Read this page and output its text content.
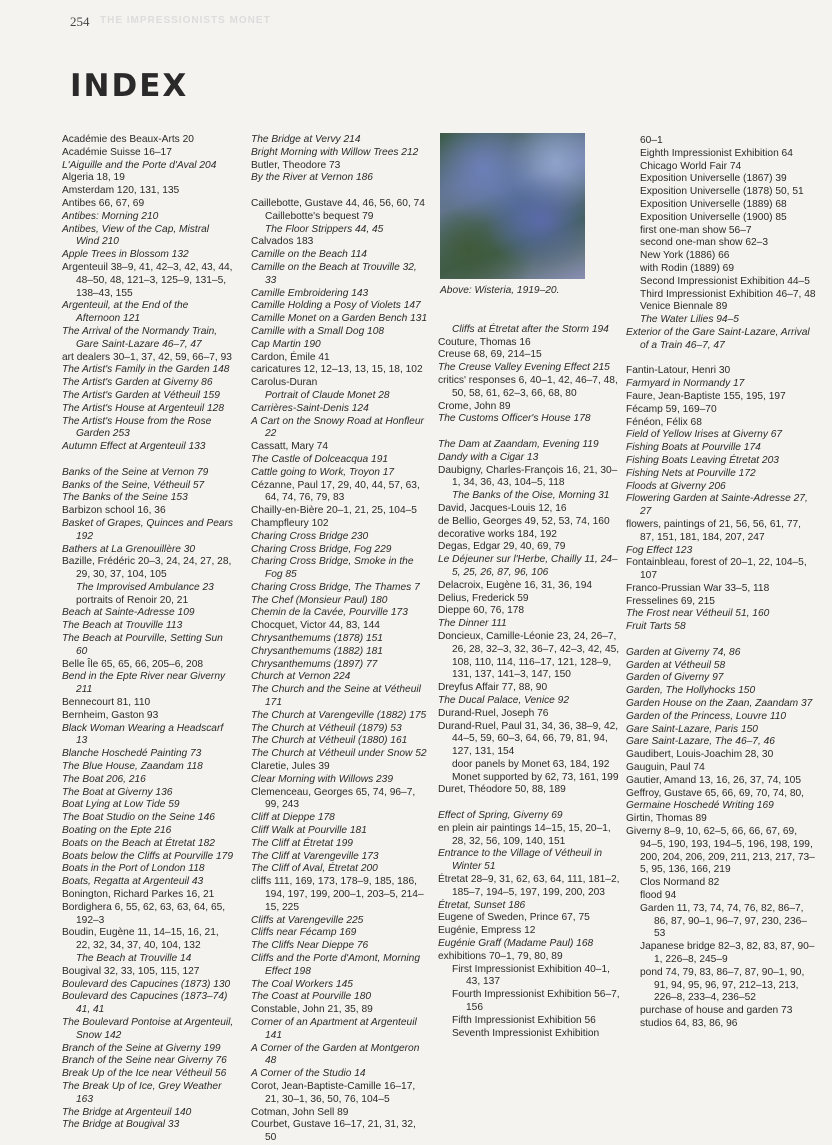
254 THE IMPRESSIONISTS MONET
INDEX
Académie des Beaux-Arts 20
Académie Suisse 16–17
L'Aiguille and the Porte d'Aval 204
Algeria 18, 19
Amsterdam 120, 131, 135
Antibes 66, 67, 69
Antibes: Morning 210
Antibes, View of the Cap, Mistral Wind 210
Apple Trees in Blossom 132
Argenteuil 38–9, 41, 42–3, 42, 43, 44, 48–50, 48, 121–3, 125–9, 131–5, 138–43, 155
Argenteuil, at the End of the Afternoon 121
The Arrival of the Normandy Train, Gare Saint-Lazare 46–7, 47
art dealers 30–1, 37, 42, 59, 66–7, 93
The Artist's Family in the Garden 148
The Artist's Garden at Giverny 86
The Artist's Garden at Vétheuil 159
The Artist's House at Argenteuil 128
The Artist's House from the Rose Garden 253
Autumn Effect at Argenteuil 133
Banks of the Seine at Vernon 79
Banks of the Seine, Vétheuil 57
The Banks of the Seine 153
Barbizon school 16, 36
Basket of Grapes, Quinces and Pears 192
Bathers at La Grenouillère 30
Bazille, Frédéric 20–3, 24, 24, 27, 28, 29, 30, 37, 104, 105
The Improvised Ambulance 23
portraits of Renoir 20, 21
Beach at Sainte-Adresse 109
The Beach at Trouville 113
The Beach at Pourville, Setting Sun 60
Belle Île 65, 65, 66, 205–6, 208
Bend in the Epte River near Giverny 211
Bennecourt 81, 110
Bernheim, Gaston 93
Black Woman Wearing a Headscarf 13
Blanche Hoschedé Painting 73
The Blue House, Zaandam 118
The Boat 206, 216
The Boat at Giverny 136
Boat Lying at Low Tide 59
The Boat Studio on the Seine 146
Boating on the Epte 216
Boats on the Beach at Étretat 182
Boats below the Cliffs at Pourville 179
Boats in the Port of London 118
Boats, Regatta at Argenteuil 43
Bonington, Richard Parkes 16, 21
Bordighera 6, 55, 62, 63, 63, 64, 65, 192–3
Boudin, Eugène 11, 14–15, 16, 21, 22, 32, 34, 37, 40, 104, 132
The Beach at Trouville 14
Bougival 32, 33, 105, 115, 127
Boulevard des Capucines (1873) 130
Boulevard des Capucines (1873–74) 41, 41
The Boulevard Pontoise at Argenteuil, Snow 142
Branch of the Seine at Giverny 199
Branch of the Seine near Giverny 76
Break Up of the Ice near Vétheuil 56
The Break Up of Ice, Grey Weather 163
The Bridge at Argenteuil 140
The Bridge at Bougival 33
The Bridge at Vervy 214
Bright Morning with Willow Trees 212
Butler, Theodore 73
By the River at Vernon 186
Caillebotte, Gustave 44, 46, 56, 60, 74
Caillebotte's bequest 79
The Floor Strippers 44, 45
Calvados 183
Camille on the Beach 114
Camille on the Beach at Trouville 32, 33
Camille Embroidering 143
Camille Holding a Posy of Violets 147
Camille Monet on a Garden Bench 131
Camille with a Small Dog 108
Cap Martin 190
Cardon, Émile 41
caricatures 12, 12–13, 13, 15, 18, 102
Carolus-Duran
Portrait of Claude Monet 28
Carrières-Saint-Denis 124
A Cart on the Snowy Road at Honfleur 22
Cassatt, Mary 74
The Castle of Dolceacqua 191
Cattle going to Work, Troyon 17
Cézanne, Paul 17, 29, 40, 44, 57, 63, 64, 74, 76, 79, 83
Chailly-en-Bière 20–1, 21, 25, 104–5
Champfleury 102
Charing Cross Bridge 230
Charing Cross Bridge, Fog 229
Charing Cross Bridge, Smoke in the Fog 85
Charing Cross Bridge, The Thames 7
The Chef (Monsieur Paul) 180
Chemin de la Cavée, Pourville 173
Chocquet, Victor 44, 83, 144
Chrysanthemums (1878) 151
Chrysanthemums (1882) 181
Chrysanthemums (1897) 77
Church at Vernon 224
The Church and the Seine at Vétheuil 171
The Church at Varengeville (1882) 175
The Church at Vétheuil (1879) 53
The Church at Vétheuil (1880) 161
The Church at Vétheuil under Snow 52
Claretie, Jules 39
Clear Morning with Willows 239
Clemenceau, Georges 65, 74, 96–7, 99, 243
Cliff at Dieppe 178
Cliff Walk at Pourville 181
The Cliff at Étretat 199
The Cliff at Varengeville 173
The Cliff of Aval, Étretat 200
cliffs 111, 169, 173, 178–9, 185, 186, 194, 197, 199, 200–1, 203–5, 214–15, 225
Cliffs at Varengeville 225
Cliffs near Fécamp 169
The Cliffs Near Dieppe 76
Cliffs and the Porte d'Amont, Morning Effect 198
The Coal Workers 145
The Coast at Pourville 180
Constable, John 21, 35, 89
Corner of an Apartment at Argenteuil 141
A Corner of the Garden at Montgeron 48
A Corner of the Studio 14
Corot, Jean-Baptiste-Camille 16–17, 21, 30–1, 36, 50, 76, 104–5
Cotman, John Sell 89
Courbet, Gustave 16–17, 21, 31, 32, 50
Above: Wisteria, 1919–20.
Cliffs at Étretat after the Storm 194
Couture, Thomas 16
Creuse 68, 69, 214–15
The Creuse Valley Evening Effect 215
critics' responses 6, 40–1, 42, 46–7, 48, 50, 58, 61, 62–3, 66, 68, 80
Crome, John 89
The Customs Officer's House 178
The Dam at Zaandam, Evening 119
Dandy with a Cigar 13
Daubigny, Charles-François 16, 21, 30–1, 34, 36, 43, 104–5, 118
The Banks of the Oise, Morning 31
David, Jacques-Louis 12, 16
de Bellio, Georges 49, 52, 53, 74, 160
decorative works 184, 192
Degas, Edgar 29, 40, 69, 79
Le Déjeuner sur l'Herbe, Chailly 11, 24–5, 25, 26, 87, 96, 106
Delacroix, Eugène 16, 31, 36, 194
Delius, Frederick 59
Dieppe 60, 76, 178
The Dinner 111
Doncieux, Camille-Léonie 23, 24, 26–7, 26, 28, 32–3, 32, 36–7, 42–3, 42, 45, 108, 110, 114, 116–17, 121, 128–9, 131, 137, 141–3, 147, 150
Dreyfus Affair 77, 88, 90
The Ducal Palace, Venice 92
Durand-Ruel, Joseph 76
Durand-Ruel, Paul 31, 34, 36, 38–9, 42, 44–5, 59, 60–3, 64, 66, 79, 81, 94, 127, 131, 154
door panels by Monet 63, 184, 192
Monet supported by 62, 73, 161, 199
Duret, Théodore 50, 88, 189
Effect of Spring, Giverny 69
en plein air paintings 14–15, 15, 20–1, 28, 32, 56, 109, 140, 151
Entrance to the Village of Vétheuil in Winter 51
Étretat 28–9, 31, 62, 63, 64, 111, 181–2, 185–7, 194–5, 197, 199, 200, 203
Étretat, Sunset 186
Eugene of Sweden, Prince 67, 75
Eugénie, Empress 12
Eugénie Graff (Madame Paul) 168
exhibitions 70–1, 79, 80, 89
First Impressionist Exhibition 40–1, 43, 137
Fourth Impressionist Exhibition 56–7, 156
Fifth Impressionist Exhibition 56
Seventh Impressionist Exhibition
60–1
Eighth Impressionist Exhibition 64
Chicago World Fair 74
Exposition Universelle (1867) 39
Exposition Universelle (1878) 50, 51
Exposition Universelle (1889) 68
Exposition Universelle (1900) 85
first one-man show 56–7
second one-man show 62–3
New York (1886) 66
with Rodin (1889) 69
Second Impressionist Exhibition 44–5
Third Impressionist Exhibition 46–7, 48
Venice Biennale 89
The Water Lilies 94–5
Exterior of the Gare Saint-Lazare, Arrival of a Train 46–7, 47
Fantin-Latour, Henri 30
Farmyard in Normandy 17
Faure, Jean-Baptiste 155, 195, 197
Fécamp 59, 169–70
Fénéon, Félix 68
Field of Yellow Irises at Giverny 67
Fishing Boats at Pourville 174
Fishing Boats Leaving Étretat 203
Fishing Nets at Pourville 172
Floods at Giverny 206
Flowering Garden at Sainte-Adresse 27, 27
flowers, paintings of 21, 56, 56, 61, 77, 87, 151, 181, 184, 207, 247
Fog Effect 123
Fontainbleau, forest of 20–1, 22, 104–5, 107
Franco-Prussian War 33–5, 118
Fresselines 69, 215
The Frost near Vétheuil 51, 160
Fruit Tarts 58
Garden at Giverny 74, 86
Garden at Vétheuil 58
Garden of Giverny 97
Garden, The Hollyhocks 150
Garden House on the Zaan, Zaandam 37
Garden of the Princess, Louvre 110
Gare Saint-Lazare, Paris 150
Gare Saint-Lazare, The 46–7, 46
Gaudibert, Louis-Joachim 28, 30
Gauguin, Paul 74
Gautier, Amand 13, 16, 26, 37, 74, 105
Geffroy, Gustave 65, 66, 69, 70, 74, 80,
Germaine Hoschedé Writing 169
Girtin, Thomas 89
Giverny 8–9, 10, 62–5, 66, 66, 67, 69, 94–5, 190, 193, 194–5, 196, 198, 199, 200, 204, 206, 209, 211, 213, 217, 73–5, 95, 136, 166, 219
Clos Normand 82
flood 94
Garden 11, 73, 74, 74, 76, 82, 86–7, 86, 87, 90–1, 96–7, 97, 230, 236–53
Japanese bridge 82–3, 82, 83, 87, 90–1, 226–8, 245–9
pond 74, 79, 83, 86–7, 87, 90–1, 90, 91, 94, 95, 96, 97, 212–13, 213, 226–8, 233–4, 236–52
purchase of house and garden 73
studios 64, 83, 86, 96
